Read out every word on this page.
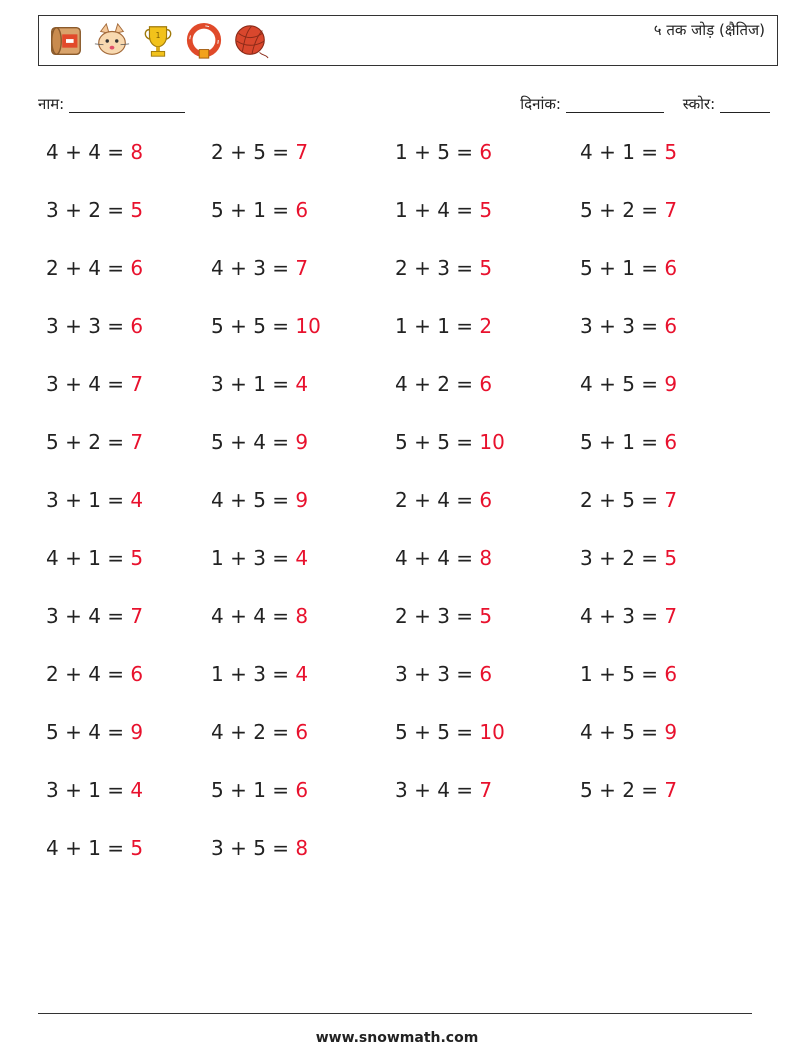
1	५ तक जोड़ (क्षैतिज)
नाम:	दिनांक:	स्कोर:
4 + 4 = 8	2 + 5 = 7	1 + 5 = 6	4 + 1 = 5
3 + 2 = 5	5 + 1 = 6	1 + 4 = 5	5 + 2 = 7
2 + 4 = 6	4 + 3 = 7	2 + 3 = 5	5 + 1 = 6
3 + 3 = 6	5 + 5 = 10	1 + 1 = 2	3 + 3 = 6
3 + 4 = 7	3 + 1 = 4	4 + 2 = 6	4 + 5 = 9
5 + 2 = 7	5 + 4 = 9	5 + 5 = 10	5 + 1 = 6
3 + 1 = 4	4 + 5 = 9	2 + 4 = 6	2 + 5 = 7
4 + 1 = 5	1 + 3 = 4	4 + 4 = 8	3 + 2 = 5
3 + 4 = 7	4 + 4 = 8	2 + 3 = 5	4 + 3 = 7
2 + 4 = 6	1 + 3 = 4	3 + 3 = 6	1 + 5 = 6
5 + 4 = 9	4 + 2 = 6	5 + 5 = 10	4 + 5 = 9
3 + 1 = 4	5 + 1 = 6	3 + 4 = 7	5 + 2 = 7
4 + 1 = 5	3 + 5 = 8
www.snowmath.com
